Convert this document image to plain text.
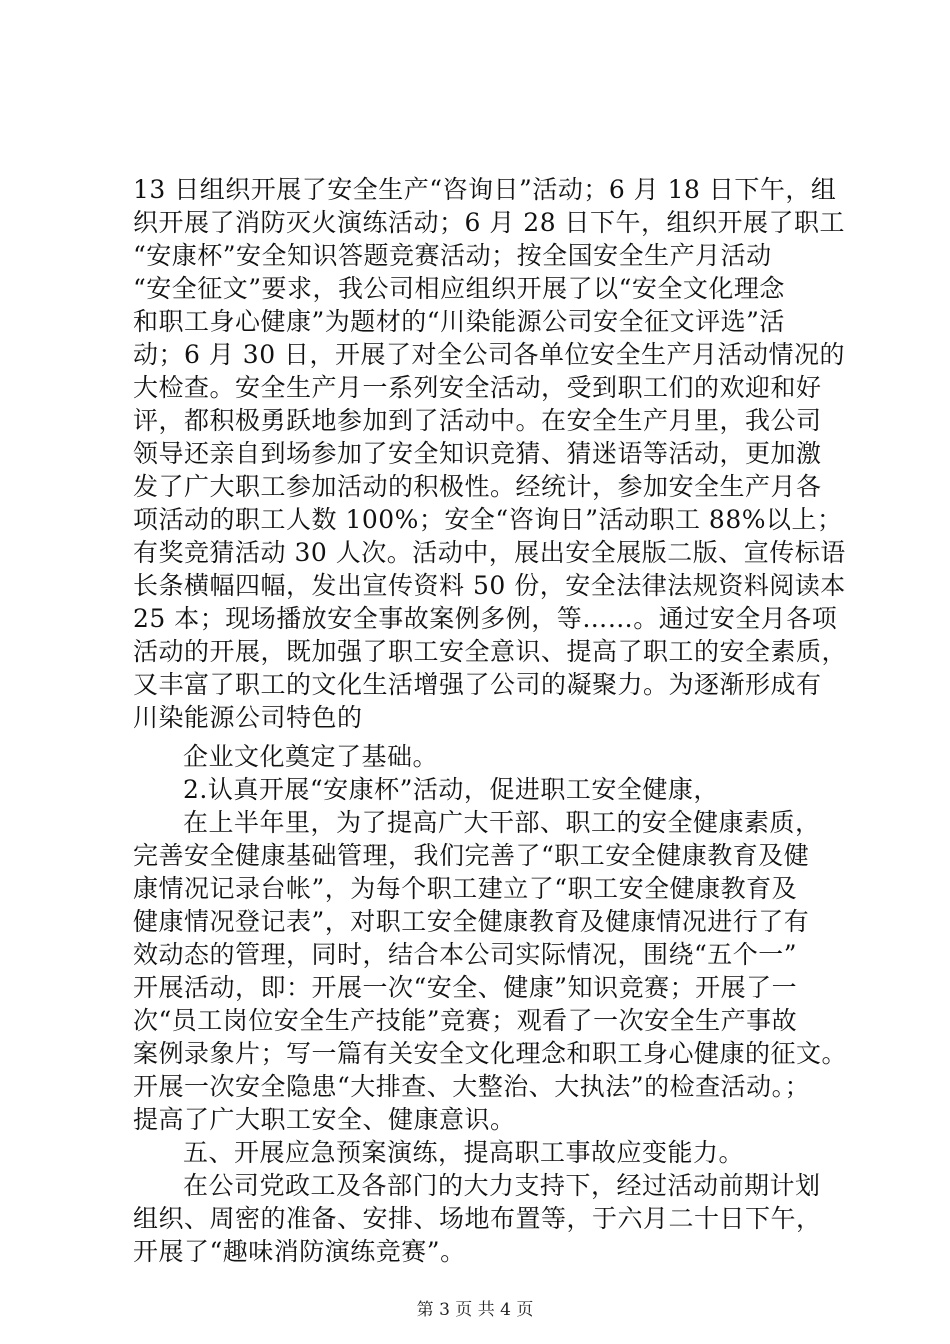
13 日组织开展了安全生产“咨询日”活动；6 月 18 日下午，组
织开展了消防灭火演练活动；6 月 28 日下午，组织开展了职工
“安康杯”安全知识答题竞赛活动；按全国安全生产月活动
“安全征文”要求，我公司相应组织开展了以“安全文化理念
和职工身心健康”为题材的“川染能源公司安全征文评选”活
动；6 月 30 日，开展了对全公司各单位安全生产月活动情况的
大检查。安全生产月一系列安全活动，受到职工们的欢迎和好
评，都积极勇跃地参加到了活动中。在安全生产月里，我公司
领导还亲自到场参加了安全知识竞猜、猜迷语等活动，更加激
发了广大职工参加活动的积极性。经统计，参加安全生产月各
项活动的职工人数 100%；安全“咨询日”活动职工 88%以上；
有奖竞猜活动 30 人次。活动中，展出安全展版二版、宣传标语
长条横幅四幅，发出宣传资料 50 份，安全法律法规资料阅读本
25 本；现场播放安全事故案例多例，等……。通过安全月各项
活动的开展，既加强了职工安全意识、提高了职工的安全素质，
又丰富了职工的文化生活增强了公司的凝聚力。为逐渐形成有
川染能源公司特色的
企业文化奠定了基础。
2.认真开展“安康杯”活动，促进职工安全健康，
在上半年里，为了提高广大干部、职工的安全健康素质，
完善安全健康基础管理，我们完善了“职工安全健康教育及健
康情况记录台帐”，为每个职工建立了“职工安全健康教育及
健康情况登记表”，对职工安全健康教育及健康情况进行了有
效动态的管理，同时，结合本公司实际情况，围绕“五个一”
开展活动，即：开展一次“安全、健康”知识竞赛；开展了一
次“员工岗位安全生产技能”竞赛；观看了一次安全生产事故
案例录象片；写一篇有关安全文化理念和职工身心健康的征文。
开展一次安全隐患“大排查、大整治、大执法”的检查活动。；
提高了广大职工安全、健康意识。
五、开展应急预案演练，提高职工事故应变能力。
在公司党政工及各部门的大力支持下，经过活动前期计划
组织、周密的准备、安排、场地布置等，于六月二十日下午，
开展了“趣味消防演练竞赛”。
第 3 页 共 4 页
